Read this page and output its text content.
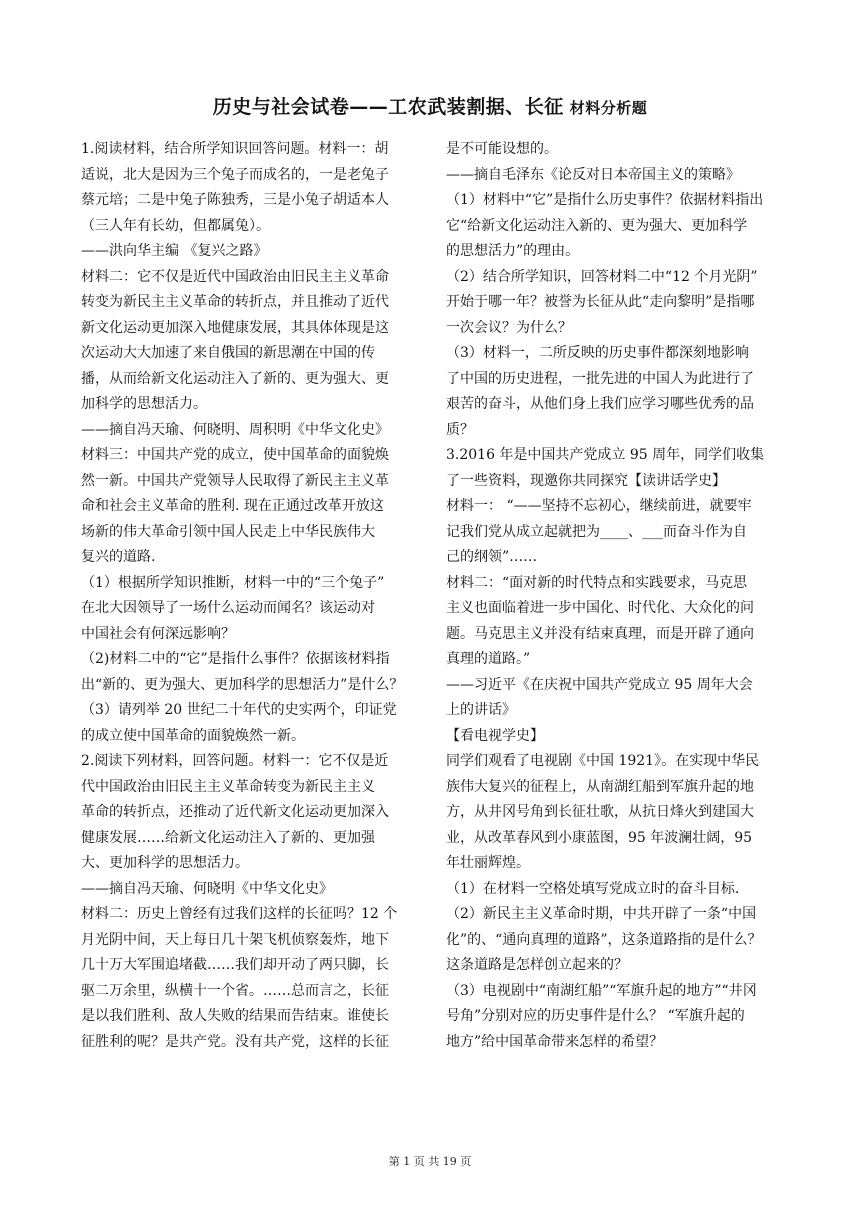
历史与社会试卷——工农武装割据、长征 材料分析题
1.阅读材料，结合所学知识回答问题。材料一：胡
适说，北大是因为三个兔子而成名的，一是老兔子
蔡元培；二是中兔子陈独秀，三是小兔子胡适本人
（三人年有长幼，但都属兔）。
——洪向华主编 《复兴之路》
材料二：它不仅是近代中国政治由旧民主主义革命
转变为新民主主义革命的转折点，并且推动了近代
新文化运动更加深入地健康发展，其具体体现是这
次运动大大加速了来自俄国的新思潮在中国的传
播，从而给新文化运动注入了新的、更为强大、更
加科学的思想活力。
——摘自冯天瑜、何晓明、周积明《中华文化史》
材料三：中国共产党的成立，使中国革命的面貌焕
然一新。中国共产党领导人民取得了新民主主义革
命和社会主义革命的胜利. 现在正通过改革开放这
场新的伟大革命引领中国人民走上中华民族伟大
复兴的道路.
（1）根据所学知识推断，材料一中的“三个兔子”
在北大因领导了一场什么运动而闻名？该运动对
中国社会有何深远影响？
（2)材料二中的“它”是指什么事件？依据该材料指
出“新的、更为强大、更加科学的思想活力”是什么？
（3）请列举 20 世纪二十年代的史实两个，印证党
的成立使中国革命的面貌焕然一新。
2.阅读下列材料，回答问题。材料一：它不仅是近
代中国政治由旧民主主义革命转变为新民主主义
革命的转折点，还推动了近代新文化运动更加深入
健康发展……给新文化运动注入了新的、更加强
大、更加科学的思想活力。
——摘自冯天瑜、何晓明《中华文化史》
材料二：历史上曾经有过我们这样的长征吗？12 个
月光阴中间，天上每日几十架飞机侦察轰炸，地下
几十万大军围追堵截……我们却开动了两只脚，长
驱二万余里，纵横十一个省。……总而言之，长征
是以我们胜利、敌人失败的结果而告结束。谁使长
征胜利的呢？是共产党。没有共产党，这样的长征
是不可能设想的。
——摘自毛泽东《论反对日本帝国主义的策略》
（1）材料中“它”是指什么历史事件？依据材料指出
它“给新文化运动注入新的、更为强大、更加科学
的思想活力”的理由。
（2）结合所学知识，回答材料二中“12 个月光阴”
开始于哪一年？被誉为长征从此“走向黎明”是指哪
一次会议？为什么？
（3）材料一，二所反映的历史事件都深刻地影响
了中国的历史进程，一批先进的中国人为此进行了
艰苦的奋斗，从他们身上我们应学习哪些优秀的品
质？
3.2016 年是中国共产党成立 95 周年，同学们收集
了一些资料，现邀你共同探究【读讲话学史】
材料一： “——坚持不忘初心，继续前进，就要牢
记我们党从成立起就把为____、___而奋斗作为自
己的纲领”……
材料二：“面对新的时代特点和实践要求，马克思
主义也面临着进一步中国化、时代化、大众化的问
题。马克思主义并没有结束真理，而是开辟了通向
真理的道路。”
——习近平《在庆祝中国共产党成立 95 周年大会
上的讲话》
【看电视学史】
同学们观看了电视剧《中国 1921》。在实现中华民
族伟大复兴的征程上，从南湖红船到军旗升起的地
方，从井冈号角到长征壮歌，从抗日烽火到建国大
业，从改革春风到小康蓝图，95 年波澜壮阔，95
年壮丽辉煌。
（1）在材料一空格处填写党成立时的奋斗目标.
（2）新民主主义革命时期，中共开辟了一条“中国
化”的、“通向真理的道路”，这条道路指的是什么？
这条道路是怎样创立起来的？
（3）电视剧中“南湖红船”“军旗升起的地方”“井冈
号角”分别对应的历史事件是什么？ “军旗升起的
地方”给中国革命带来怎样的希望？
第 1 页 共 19 页
